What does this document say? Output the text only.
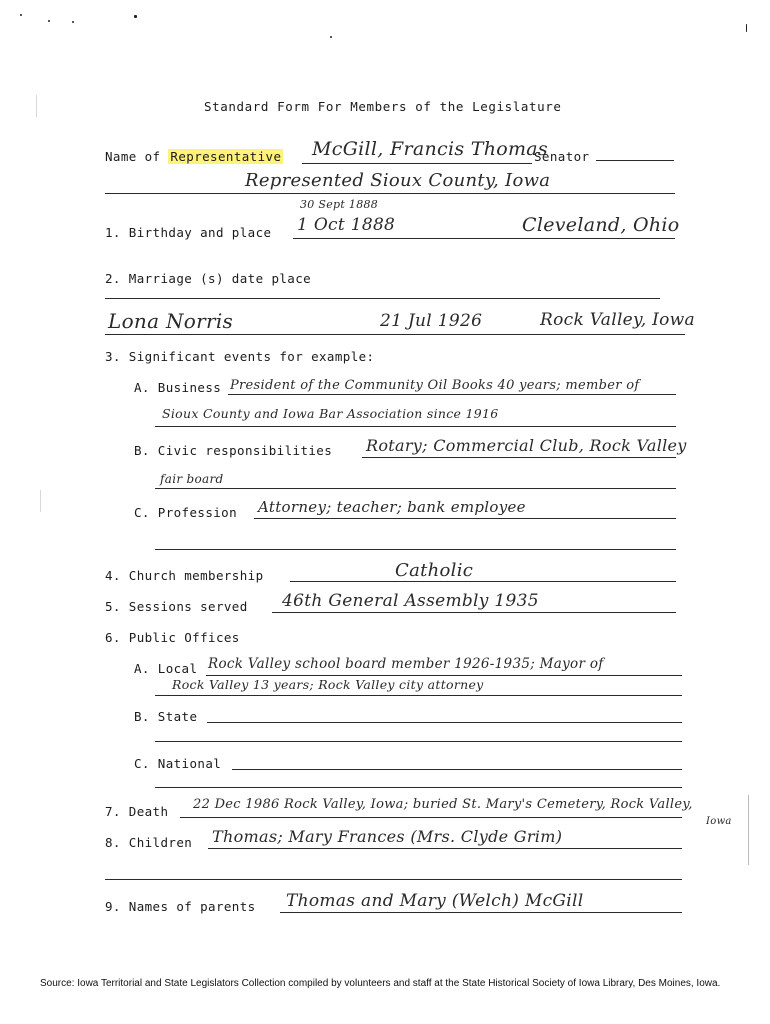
Standard Form For Members of the Legislature
Name of Representative McGill, Francis Thomas
Senator
Represented Sioux County, Iowa
30 Sept 1888
1. Birthday and place 1 Oct 1888	Cleveland, Ohio
2. Marriage (s) date place
Lona Norris	21 Jul 1926	Rock Valley, Iowa
3. Significant events for example:
A. Business President of the Community Oil Books 40 years; member of
Sioux County and Iowa Bar Association since 1916
B. Civic responsibilities Rotary; Commercial Club, Rock Valley
fair board
C. Profession Attorney; teacher; bank employee
4. Church membership	Catholic
5. Sessions served 46th General Assembly 1935
6. Public Offices
A. Local Rock Valley school board member 1926-1935; Mayor of
Rock Valley 13 years; Rock Valley city attorney
B. State
C. National
7. Death 22 Dec 1986 Rock Valley, Iowa; buried St. Mary's Cemetery, Rock Valley,
Iowa
8. Children Thomas; Mary Frances (Mrs. Clyde Grim)
9. Names of parents Thomas and Mary (Welch) McGill
Source: Iowa Territorial and State Legislators Collection compiled by volunteers and staff at the State Historical Society of Iowa Library, Des Moines, Iowa.
